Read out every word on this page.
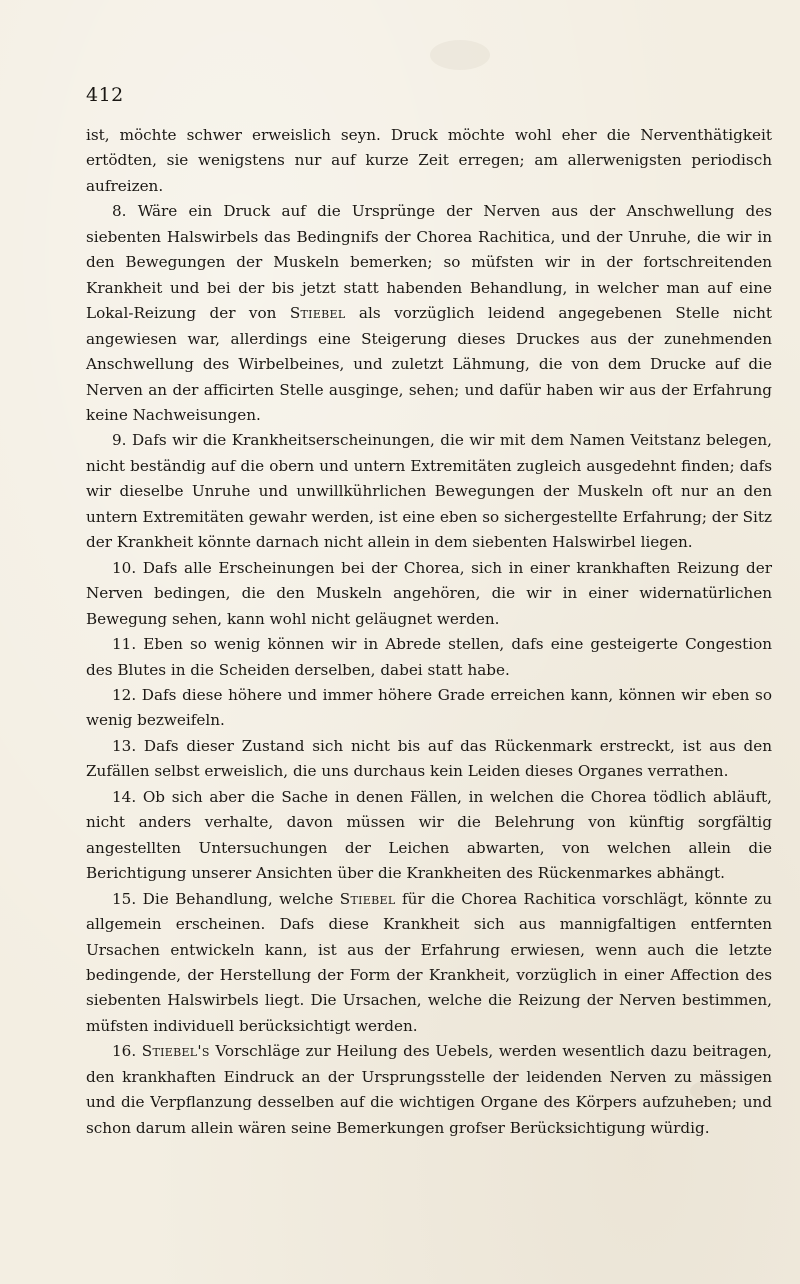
412

ist, möchte schwer erweislich seyn. Druck möchte wohl eher die Nerventhätigkeit ertödten, sie wenigstens nur auf kurze Zeit erregen; am allerwenigsten periodisch aufreizen.

8. Wäre ein Druck auf die Ursprünge der Nerven aus der Anschwellung des siebenten Halswirbels das Bedingnifs der Chorea Rachitica, und der Unruhe, die wir in den Bewegungen der Muskeln bemerken; so müfsten wir in der fortschreitenden Krankheit und bei der bis jetzt statt habenden Behandlung, in welcher man auf eine Lokal-Reizung der von Stiebel als vorzüglich leidend angegebenen Stelle nicht angewiesen war, allerdings eine Steigerung dieses Druckes aus der zunehmenden Anschwellung des Wirbelbeines, und zuletzt Lähmung, die von dem Drucke auf die Nerven an der afficirten Stelle ausginge, sehen; und dafür haben wir aus der Erfahrung keine Nachweisungen.

9. Dafs wir die Krankheitserscheinungen, die wir mit dem Namen Veitstanz belegen, nicht beständig auf die obern und untern Extremitäten zugleich ausgedehnt finden; dafs wir dieselbe Unruhe und unwillkührlichen Bewegungen der Muskeln oft nur an den untern Extremitäten gewahr werden, ist eine eben so sichergestellte Erfahrung; der Sitz der Krankheit könnte darnach nicht allein in dem siebenten Halswirbel liegen.

10. Dafs alle Erscheinungen bei der Chorea, sich in einer krankhaften Reizung der Nerven bedingen, die den Muskeln angehören, die wir in einer widernatürlichen Bewegung sehen, kann wohl nicht geläugnet werden.

11. Eben so wenig können wir in Abrede stellen, dafs eine gesteigerte Congestion des Blutes in die Scheiden derselben, dabei statt habe.

12. Dafs diese höhere und immer höhere Grade erreichen kann, können wir eben so wenig bezweifeln.

13. Dafs dieser Zustand sich nicht bis auf das Rückenmark erstreckt, ist aus den Zufällen selbst erweislich, die uns durchaus kein Leiden dieses Organes verrathen.

14. Ob sich aber die Sache in denen Fällen, in welchen die Chorea tödlich abläuft, nicht anders verhalte, davon müssen wir die Belehrung von künftig sorgfältig angestellten Untersuchungen der Leichen abwarten, von welchen allein die Berichtigung unserer Ansichten über die Krankheiten des Rückenmarkes abhängt.

15. Die Behandlung, welche Stiebel für die Chorea Rachitica vorschlägt, könnte zu allgemein erscheinen. Dafs diese Krankheit sich aus mannigfaltigen entfernten Ursachen entwickeln kann, ist aus der Erfahrung erwiesen, wenn auch die letzte bedingende, der Herstellung der Form der Krankheit, vorzüglich in einer Affection des siebenten Halswirbels liegt. Die Ursachen, welche die Reizung der Nerven bestimmen, müfsten individuell berücksichtigt werden.

16. Stiebel's Vorschläge zur Heilung des Uebels, werden wesentlich dazu beitragen, den krankhaften Eindruck an der Ursprungsstelle der leidenden Nerven zu mässigen und die Verpflanzung desselben auf die wichtigen Organe des Körpers aufzuheben; und schon darum allein wären seine Bemerkungen grofser Berücksichtigung würdig.
